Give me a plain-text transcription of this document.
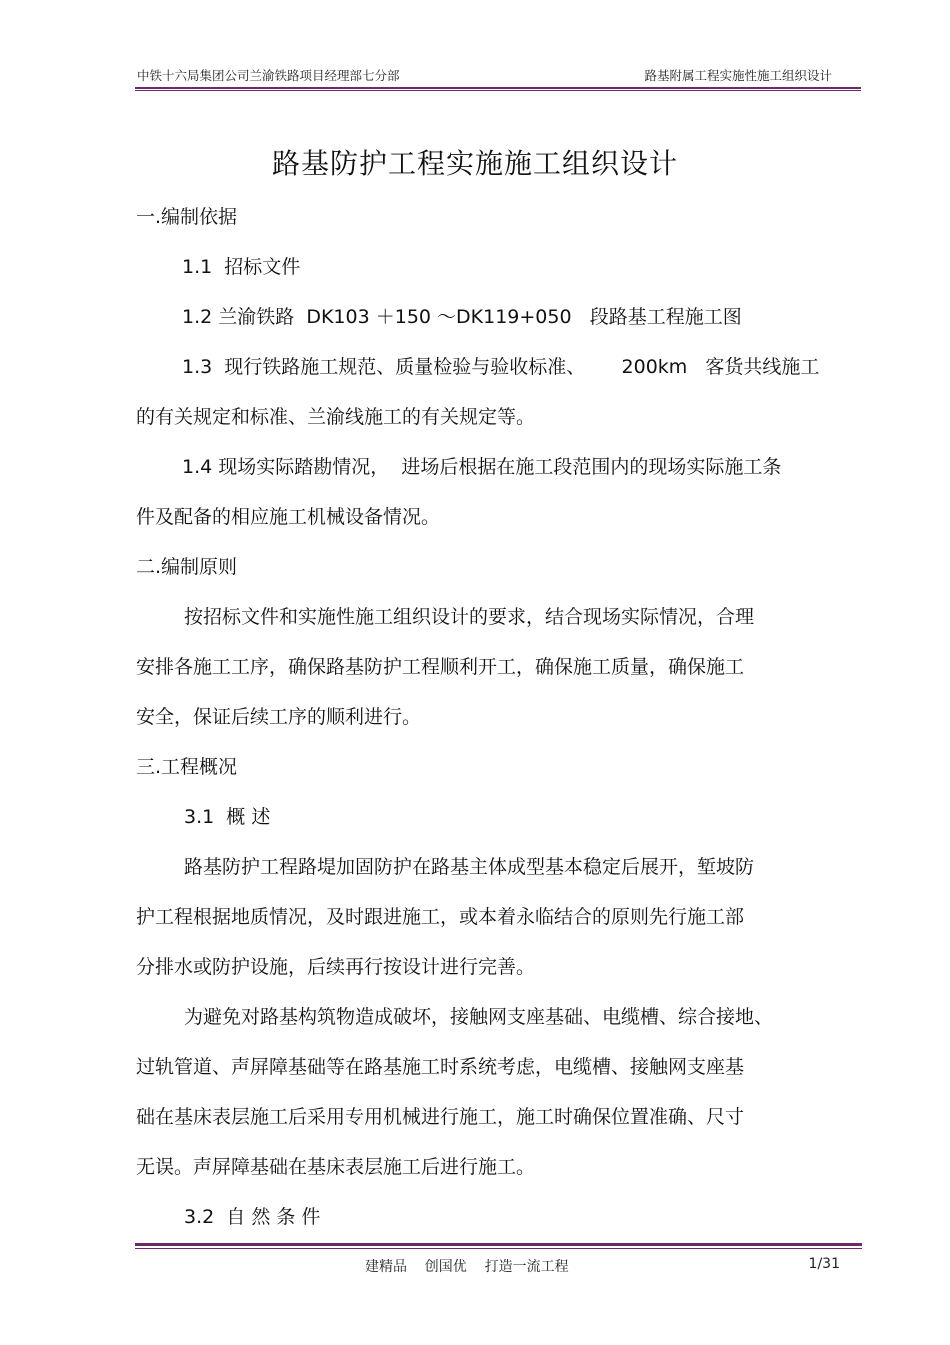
中铁十六局集团公司兰渝铁路项目经理部七分部	路基附属工程实施性施工组织设计
路基防护工程实施施工组织设计
一.编制依据
1.1  招标文件
1.2 兰渝铁路  DK103 ＋150 ～DK119+050   段路基工程施工图
1.3  现行铁路施工规范、质量检验与验收标准、      200km   客货共线施工
的有关规定和标准、兰渝线施工的有关规定等。
1.4 现场实际踏勘情况，  进场后根据在施工段范围内的现场实际施工条
件及配备的相应施工机械设备情况。
二.编制原则
按招标文件和实施性施工组织设计的要求，结合现场实际情况，合理
安排各施工工序，确保路基防护工程顺利开工，确保施工质量，确保施工
安全，保证后续工序的顺利进行。
三.工程概况
3.1  概 述
路基防护工程路堤加固防护在路基主体成型基本稳定后展开，堑坡防
护工程根据地质情况，及时跟进施工，或本着永临结合的原则先行施工部
分排水或防护设施，后续再行按设计进行完善。
为避免对路基构筑物造成破坏，接触网支座基础、电缆槽、综合接地、
过轨管道、声屏障基础等在路基施工时系统考虑，电缆槽、接触网支座基
础在基床表层施工后采用专用机械进行施工，施工时确保位置准确、尺寸
无误。声屏障基础在基床表层施工后进行施工。
3.2  自 然 条 件
建精品    创国优    打造一流工程	1/31
